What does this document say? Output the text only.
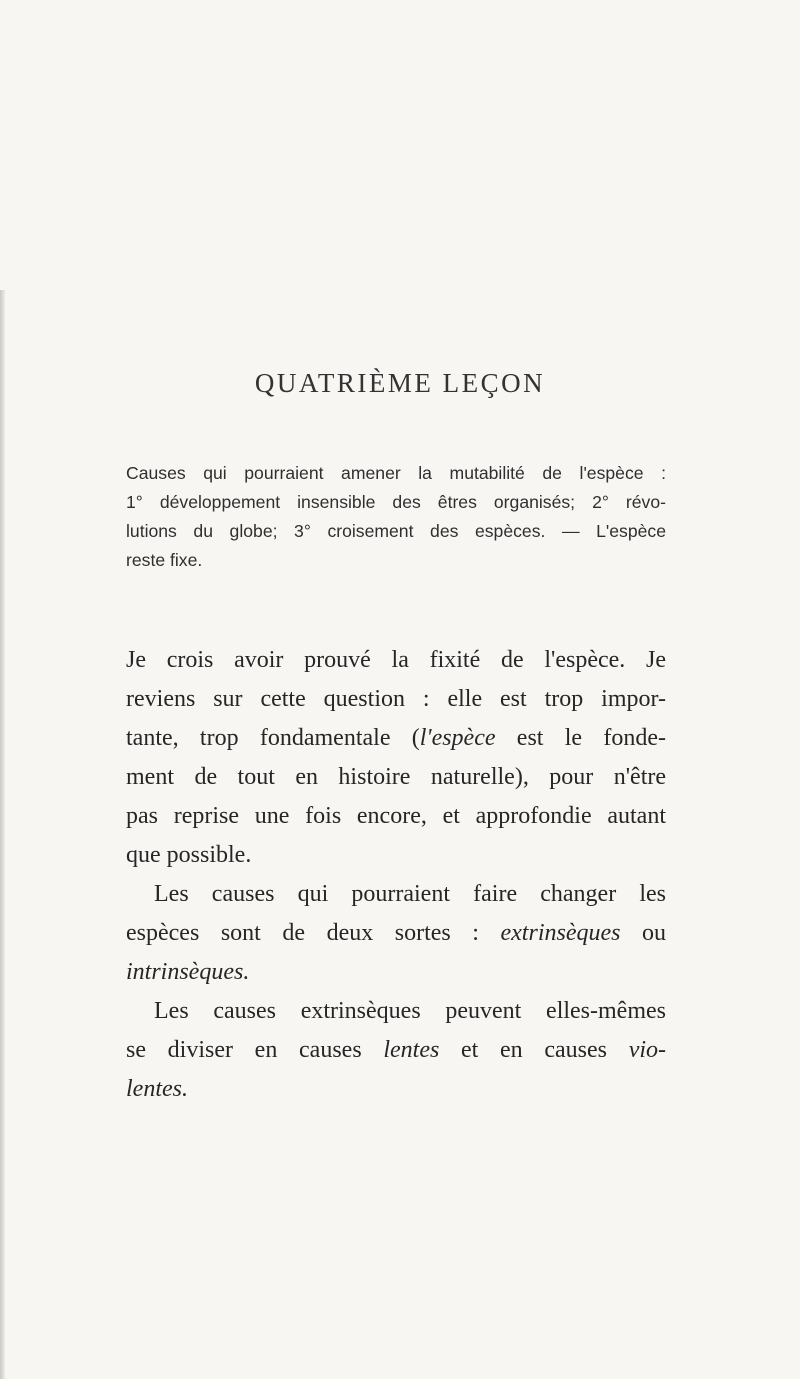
QUATRIÈME LEÇON
Causes qui pourraient amener la mutabilité de l'espèce :
1° développement insensible des êtres organisés; 2° révo-
lutions du globe; 3° croisement des espèces. — L'espèce
reste fixe.
Je crois avoir prouvé la fixité de l'espèce. Je
reviens sur cette question : elle est trop impor-
tante, trop fondamentale (l'espèce est le fonde-
ment de tout en histoire naturelle), pour n'être
pas reprise une fois encore, et approfondie autant
que possible.
Les causes qui pourraient faire changer les
espèces sont de deux sortes : extrinsèques ou
intrinsèques.
Les causes extrinsèques peuvent elles-mêmes
se diviser en causes lentes et en causes vio-
lentes.
